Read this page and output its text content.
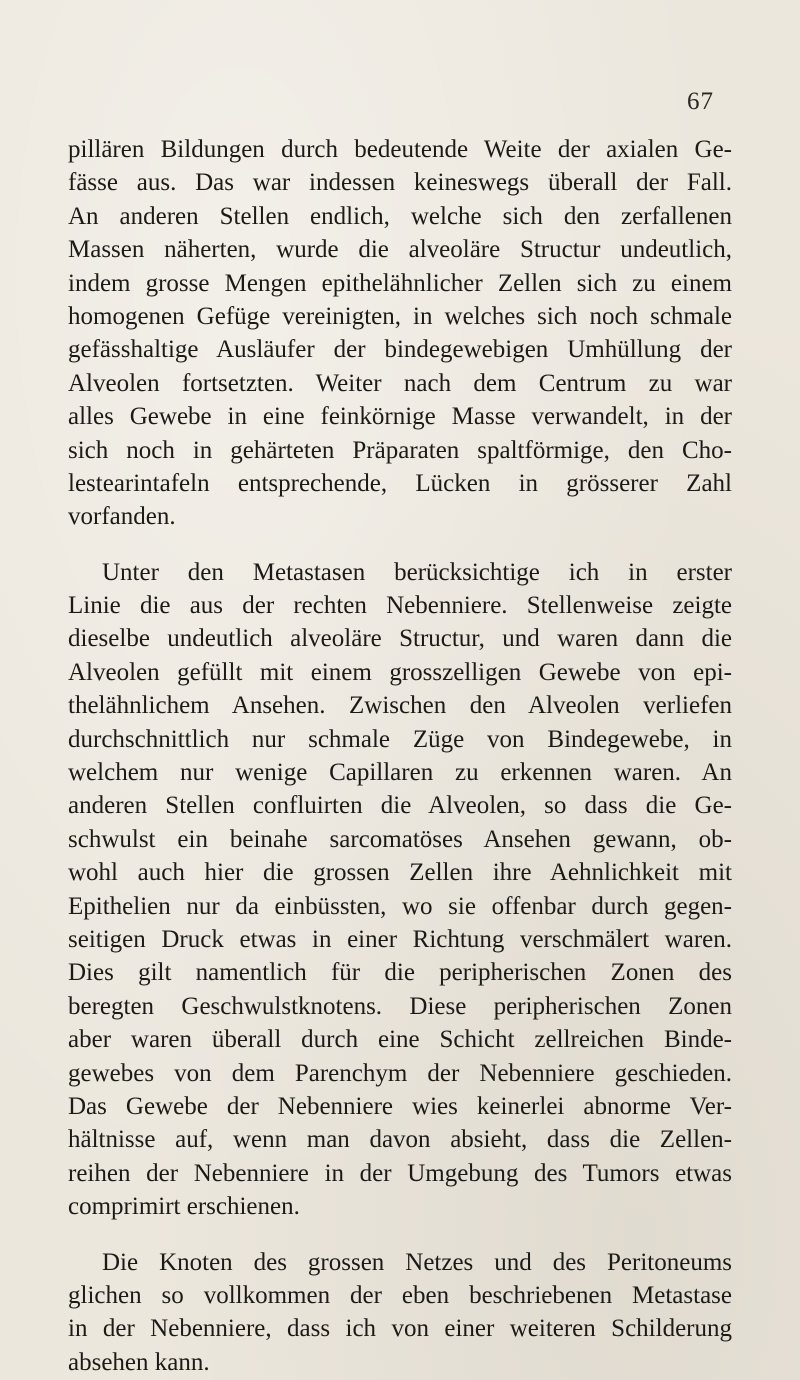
67
pillären Bildungen durch bedeutende Weite der axialen Ge-
fässe aus. Das war indessen keineswegs überall der Fall.
An anderen Stellen endlich, welche sich den zerfallenen
Massen näherten, wurde die alveoläre Structur undeutlich,
indem grosse Mengen epithelähnlicher Zellen sich zu einem
homogenen Gefüge vereinigten, in welches sich noch schmale
gefässhaltige Ausläufer der bindegewebigen Umhüllung der
Alveolen fortsetzten. Weiter nach dem Centrum zu war
alles Gewebe in eine feinkörnige Masse verwandelt, in der
sich noch in gehärteten Präparaten spaltförmige, den Cho-
lestearintafeln entsprechende, Lücken in grösserer Zahl
vorfanden.
Unter den Metastasen berücksichtige ich in erster
Linie die aus der rechten Nebenniere. Stellenweise zeigte
dieselbe undeutlich alveoläre Structur, und waren dann die
Alveolen gefüllt mit einem grosszelligen Gewebe von epi-
thelähnlichem Ansehen. Zwischen den Alveolen verliefen
durchschnittlich nur schmale Züge von Bindegewebe, in
welchem nur wenige Capillaren zu erkennen waren. An
anderen Stellen confluirten die Alveolen, so dass die Ge-
schwulst ein beinahe sarcomatöses Ansehen gewann, ob-
wohl auch hier die grossen Zellen ihre Aehnlichkeit mit
Epithelien nur da einbüssten, wo sie offenbar durch gegen-
seitigen Druck etwas in einer Richtung verschmälert waren.
Dies gilt namentlich für die peripherischen Zonen des
beregten Geschwulstknotens. Diese peripherischen Zonen
aber waren überall durch eine Schicht zellreichen Binde-
gewebes von dem Parenchym der Nebenniere geschieden.
Das Gewebe der Nebenniere wies keinerlei abnorme Ver-
hältnisse auf, wenn man davon absieht, dass die Zellen-
reihen der Nebenniere in der Umgebung des Tumors etwas
comprimirt erschienen.
Die Knoten des grossen Netzes und des Peritoneums
glichen so vollkommen der eben beschriebenen Metastase
in der Nebenniere, dass ich von einer weiteren Schilderung
absehen kann.
